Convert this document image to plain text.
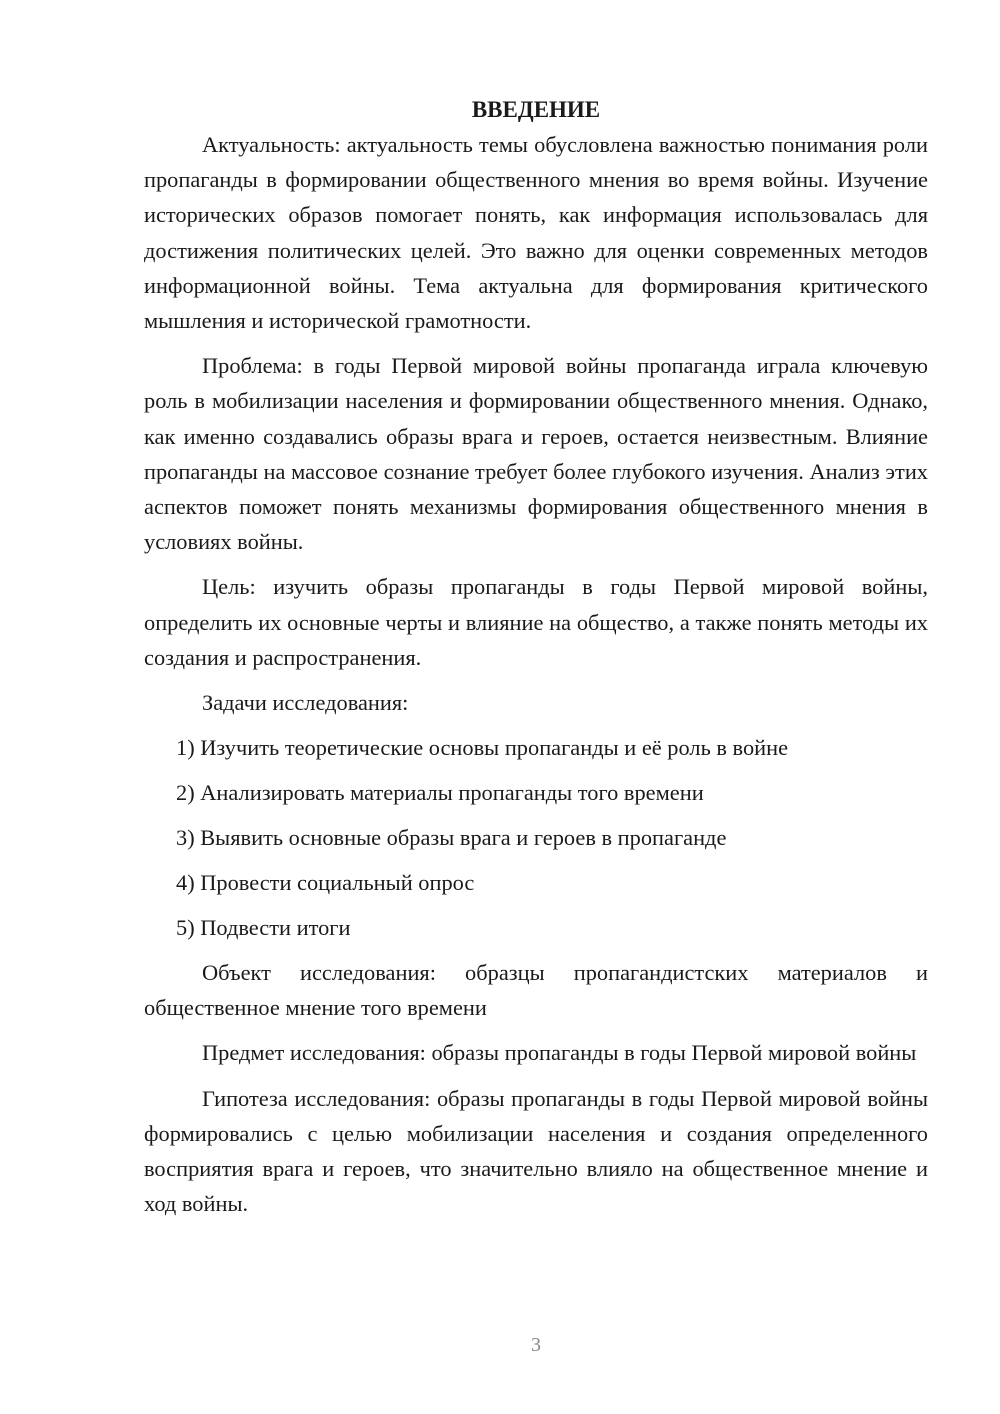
ВВЕДЕНИЕ

Актуальность: актуальность темы обусловлена важностью понимания роли пропаганды в формировании общественного мнения во время войны. Изучение исторических образов помогает понять, как информация использовалась для достижения политических целей. Это важно для оценки современных методов информационной войны. Тема актуальна для формирования критического мышления и исторической грамотности.

Проблема: в годы Первой мировой войны пропаганда играла ключевую роль в мобилизации населения и формировании общественного мнения. Однако, как именно создавались образы врага и героев, остается неизвестным. Влияние пропаганды на массовое сознание требует более глубокого изучения. Анализ этих аспектов поможет понять механизмы формирования общественного мнения в условиях войны.

Цель: изучить образы пропаганды в годы Первой мировой войны, определить их основные черты и влияние на общество, а также понять методы их создания и распространения.

Задачи исследования:

1) Изучить теоретические основы пропаганды и её роль в войне
2) Анализировать материалы пропаганды того времени
3) Выявить основные образы врага и героев в пропаганде
4) Провести социальный опрос
5) Подвести итоги

Объект исследования: образцы пропагандистских материалов и общественное мнение того времени

Предмет исследования: образы пропаганды в годы Первой мировой войны

Гипотеза исследования: образы пропаганды в годы Первой мировой войны формировались с целью мобилизации населения и создания определенного восприятия врага и героев, что значительно влияло на общественное мнение и ход войны.

3
